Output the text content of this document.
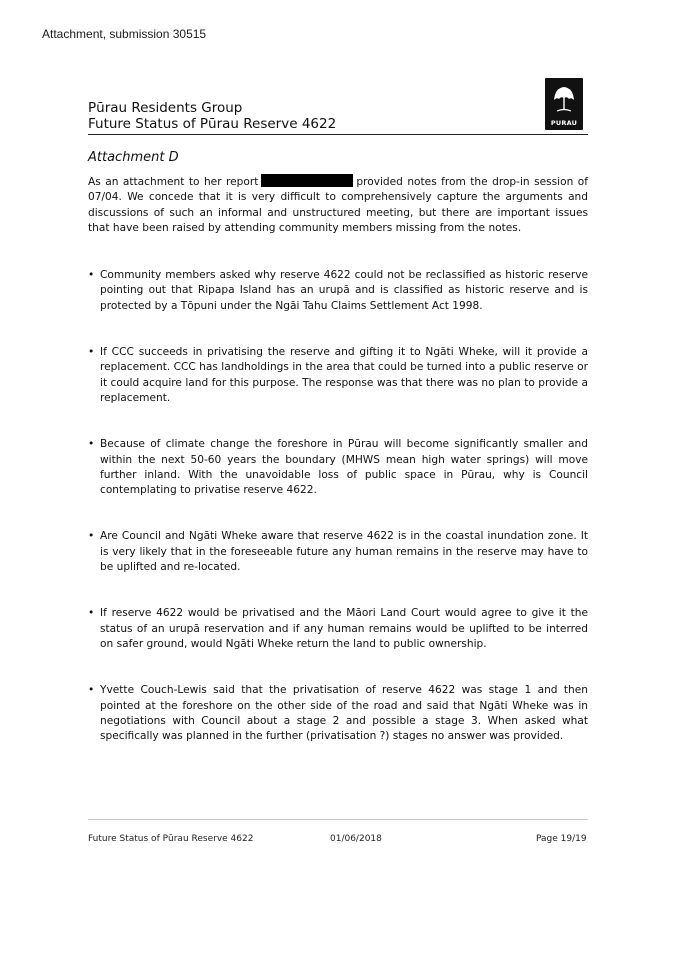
Attachment, submission 30515
Pūrau Residents Group
Future Status of Pūrau Reserve 4622	PURAU
Attachment D

As an attachment to her report	provided notes from the drop-in session of 07/04. We concede that it is very difficult to comprehensively capture the arguments and discussions of such an informal and unstructured meeting, but there are important issues that have been raised by attending community members missing from the notes.

• Community members asked why reserve 4622 could not be reclassified as historic reserve pointing out that Ripapa Island has an urupā and is classified as historic reserve and is protected by a Tōpuni under the Ngāi Tahu Claims Settlement Act 1998.
• If CCC succeeds in privatising the reserve and gifting it to Ngāti Wheke, will it provide a replacement. CCC has landholdings in the area that could be turned into a public reserve or it could acquire land for this purpose. The response was that there was no plan to provide a replacement.
• Because of climate change the foreshore in Pūrau will become significantly smaller and within the next 50-60 years the boundary (MHWS mean high water springs) will move further inland. With the unavoidable loss of public space in Pūrau, why is Council contemplating to privatise reserve 4622.
• Are Council and Ngāti Wheke aware that reserve 4622 is in the coastal inundation zone. It is very likely that in the foreseeable future any human remains in the reserve may have to be uplifted and re-located.
• If reserve 4622 would be privatised and the Māori Land Court would agree to give it the status of an urupā reservation and if any human remains would be uplifted to be interred on safer ground, would Ngāti Wheke return the land to public ownership.
• Yvette Couch-Lewis said that the privatisation of reserve 4622 was stage 1 and then pointed at the foreshore on the other side of the road and said that Ngāti Wheke was in negotiations with Council about a stage 2 and possible a stage 3. When asked what specifically was planned in the further (privatisation ?) stages no answer was provided.
Future Status of Pūrau Reserve 4622	01/06/2018	Page 19/19
